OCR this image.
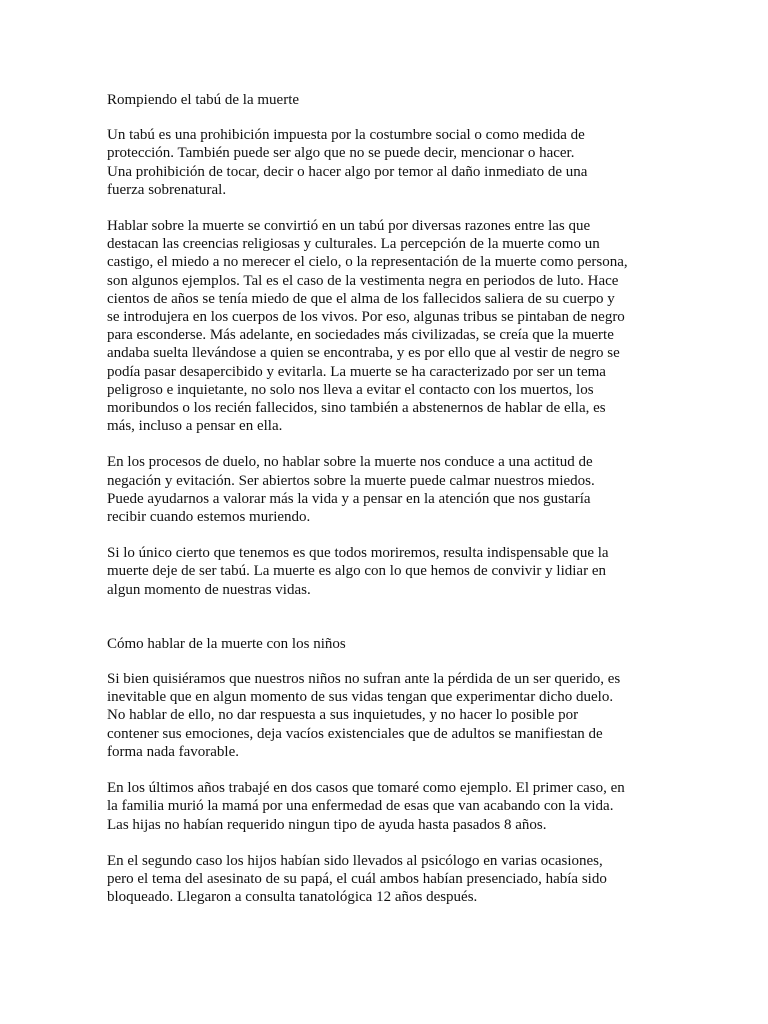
Rompiendo el tabú de la muerte
Un tabú es una prohibición impuesta por la costumbre social o como medida de
protección. También puede ser algo que no se puede decir, mencionar o hacer.
Una prohibición de tocar, decir o hacer algo por temor al daño inmediato de una
fuerza sobrenatural.
Hablar sobre la muerte se convirtió en un tabú por diversas razones entre las que
destacan las creencias religiosas y culturales. La percepción de la muerte como un
castigo, el miedo a no merecer el cielo, o la representación de la muerte como persona,
son algunos ejemplos. Tal es el caso de la vestimenta negra en periodos de luto. Hace
cientos de años se tenía miedo de que el alma de los fallecidos saliera de su cuerpo y
se introdujera en los cuerpos de los vivos. Por eso, algunas tribus se pintaban de negro
para esconderse. Más adelante, en sociedades más civilizadas, se creía que la muerte
andaba suelta llevándose a quien se encontraba, y es por ello que al vestir de negro se
podía pasar desapercibido y evitarla. La muerte se ha caracterizado por ser un tema
peligroso e inquietante, no solo nos lleva a evitar el contacto con los muertos, los
moribundos o los recién fallecidos, sino también a abstenernos de hablar de ella, es
más, incluso a pensar en ella.
En los procesos de duelo, no hablar sobre la muerte nos conduce a una actitud de
negación y evitación. Ser abiertos sobre la muerte puede calmar nuestros miedos.
Puede ayudarnos a valorar más la vida y a pensar en la atención que nos gustaría
recibir cuando estemos muriendo.
Si lo único cierto que tenemos es que todos moriremos, resulta indispensable que la
muerte deje de ser tabú. La muerte es algo con lo que hemos de convivir y lidiar en
algun momento de nuestras vidas.
Cómo hablar de la muerte con los niños
Si bien quisiéramos que nuestros niños no sufran ante la pérdida de un ser querido, es
inevitable que en algun momento de sus vidas tengan que experimentar dicho duelo.
No hablar de ello, no dar respuesta a sus inquietudes, y no hacer lo posible por
contener sus emociones, deja vacíos existenciales que de adultos se manifiestan de
forma nada favorable.
En los últimos años trabajé en dos casos que tomaré como ejemplo. El primer caso, en
la familia murió la mamá por una enfermedad de esas que van acabando con la vida.
Las hijas no habían requerido ningun tipo de ayuda hasta pasados 8 años.
En el segundo caso los hijos habían sido llevados al psicólogo en varias ocasiones,
pero el tema del asesinato de su papá, el cuál ambos habían presenciado, había sido
bloqueado. Llegaron a consulta tanatológica 12 años después.
